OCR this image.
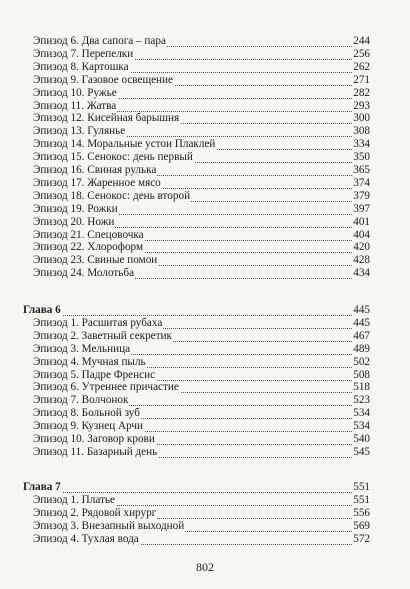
Эпизод 6. Два сапога – пара	244
Эпизод 7. Перепелки	256
Эпизод 8. Картошка	262
Эпизод 9. Газовое освещение	271
Эпизод 10. Ружье	282
Эпизод 11. Жатва	293
Эпизод 12. Кисейная барышня	300
Эпизод 13. Гулянье	308
Эпизод 14. Моральные устои Плаклей	334
Эпизод 15. Сенокос: день первый	350
Эпизод 16. Свиная рулька	365
Эпизод 17. Жаренное мясо	374
Эпизод 18. Сенокос: день второй	379
Эпизод 19. Рожки	397
Эпизод 20. Ножи	401
Эпизод 21. Спецовочка	404
Эпизод 22. Хлороформ	420
Эпизод 23. Свиные помои	428
Эпизод 24. Молотьба	434
Глава 6	445
Эпизод 1. Расшитая рубаха	445
Эпизод 2. Заветный секретик	467
Эпизод 3. Мельница	489
Эпизод 4. Мучная пыль	502
Эпизод 5. Падре Френсис	508
Эпизод 6. Утреннее причастие	518
Эпизод 7. Волчонок	523
Эпизод 8. Больной зуб	534
Эпизод 9. Кузнец Арчи	534
Эпизод 10. Заговор крови	540
Эпизод 11. Базарный день	545
Глава 7	551
Эпизод 1. Платье	551
Эпизод 2. Рядовой хирург	556
Эпизод 3. Внезапный выходной	569
Эпизод 4. Тухлая вода	572
802
